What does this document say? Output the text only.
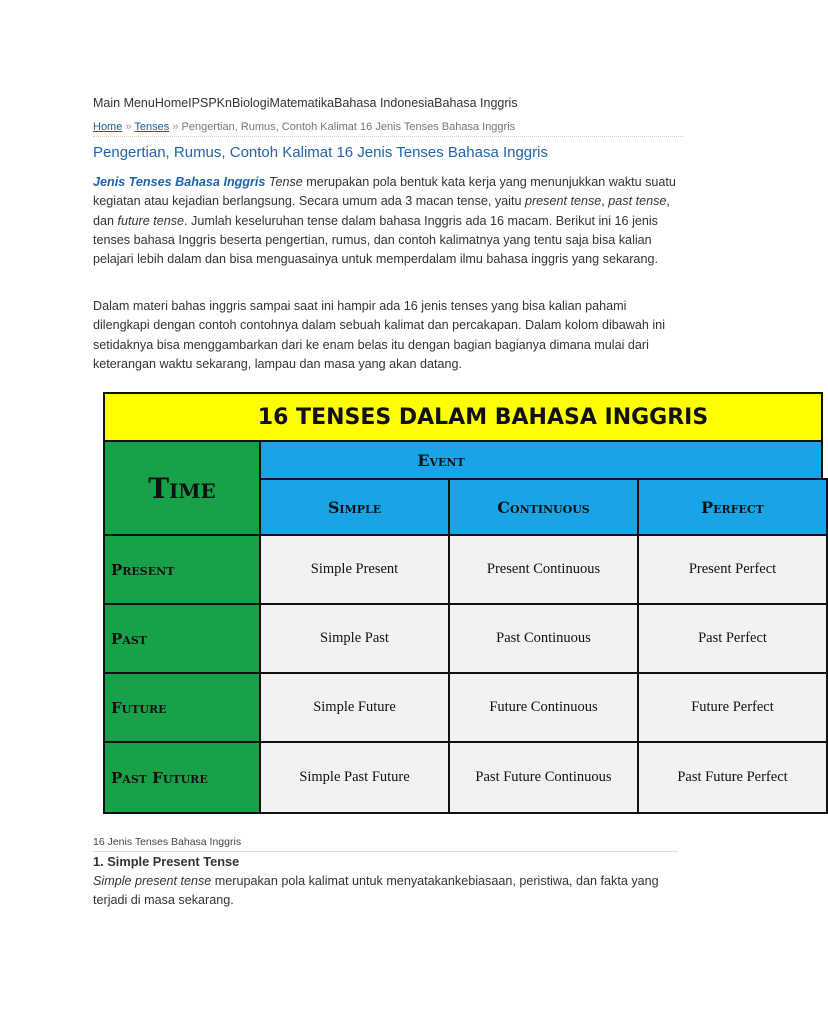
Main MenuHomeIPSPKnBiologiMatematikaBahasa IndonesiaBahasa Inggris
Home » Tenses » Pengertian, Rumus, Contoh Kalimat 16 Jenis Tenses Bahasa Inggris
Pengertian, Rumus, Contoh Kalimat 16 Jenis Tenses Bahasa Inggris
Jenis Tenses Bahasa Inggris Tense merupakan pola bentuk kata kerja yang menunjukkan waktu suatu kegiatan atau kejadian berlangsung. Secara umum ada 3 macan tense, yaitu present tense, past tense, dan future tense. Jumlah keseluruhan tense dalam bahasa Inggris ada 16 macam. Berikut ini 16 jenis tenses bahasa Inggris beserta pengertian, rumus, dan contoh kalimatnya yang tentu saja bisa kalian pelajari lebih dalam dan bisa menguasainya untuk memperdalam ilmu bahasa inggris yang sekarang.
Dalam materi bahas inggris sampai saat ini hampir ada 16 jenis tenses yang bisa kalian pahami dilengkapi dengan contoh contohnya dalam sebuah kalimat dan percakapan. Dalam kolom dibawah ini setidaknya bisa menggambarkan dari ke enam belas itu dengan bagian bagianya dimana mulai dari keterangan waktu sekarang, lampau dan masa yang akan datang.
16 TENSES DALAM BAHASA INGGRIS
Time
Event
Simple	Continuous	Perfect
Present	Simple Present	Present Continuous	Present Perfect
Past	Simple Past	Past Continuous	Past Perfect
Future	Simple Future	Future Continuous	Future Perfect
Past Future	Simple Past Future	Past Future Continuous	Past Future Perfect
16 Jenis Tenses Bahasa Inggris
1. Simple Present Tense
Simple present tense merupakan pola kalimat untuk menyatakankebiasaan, peristiwa, dan fakta yang terjadi di masa sekarang.
